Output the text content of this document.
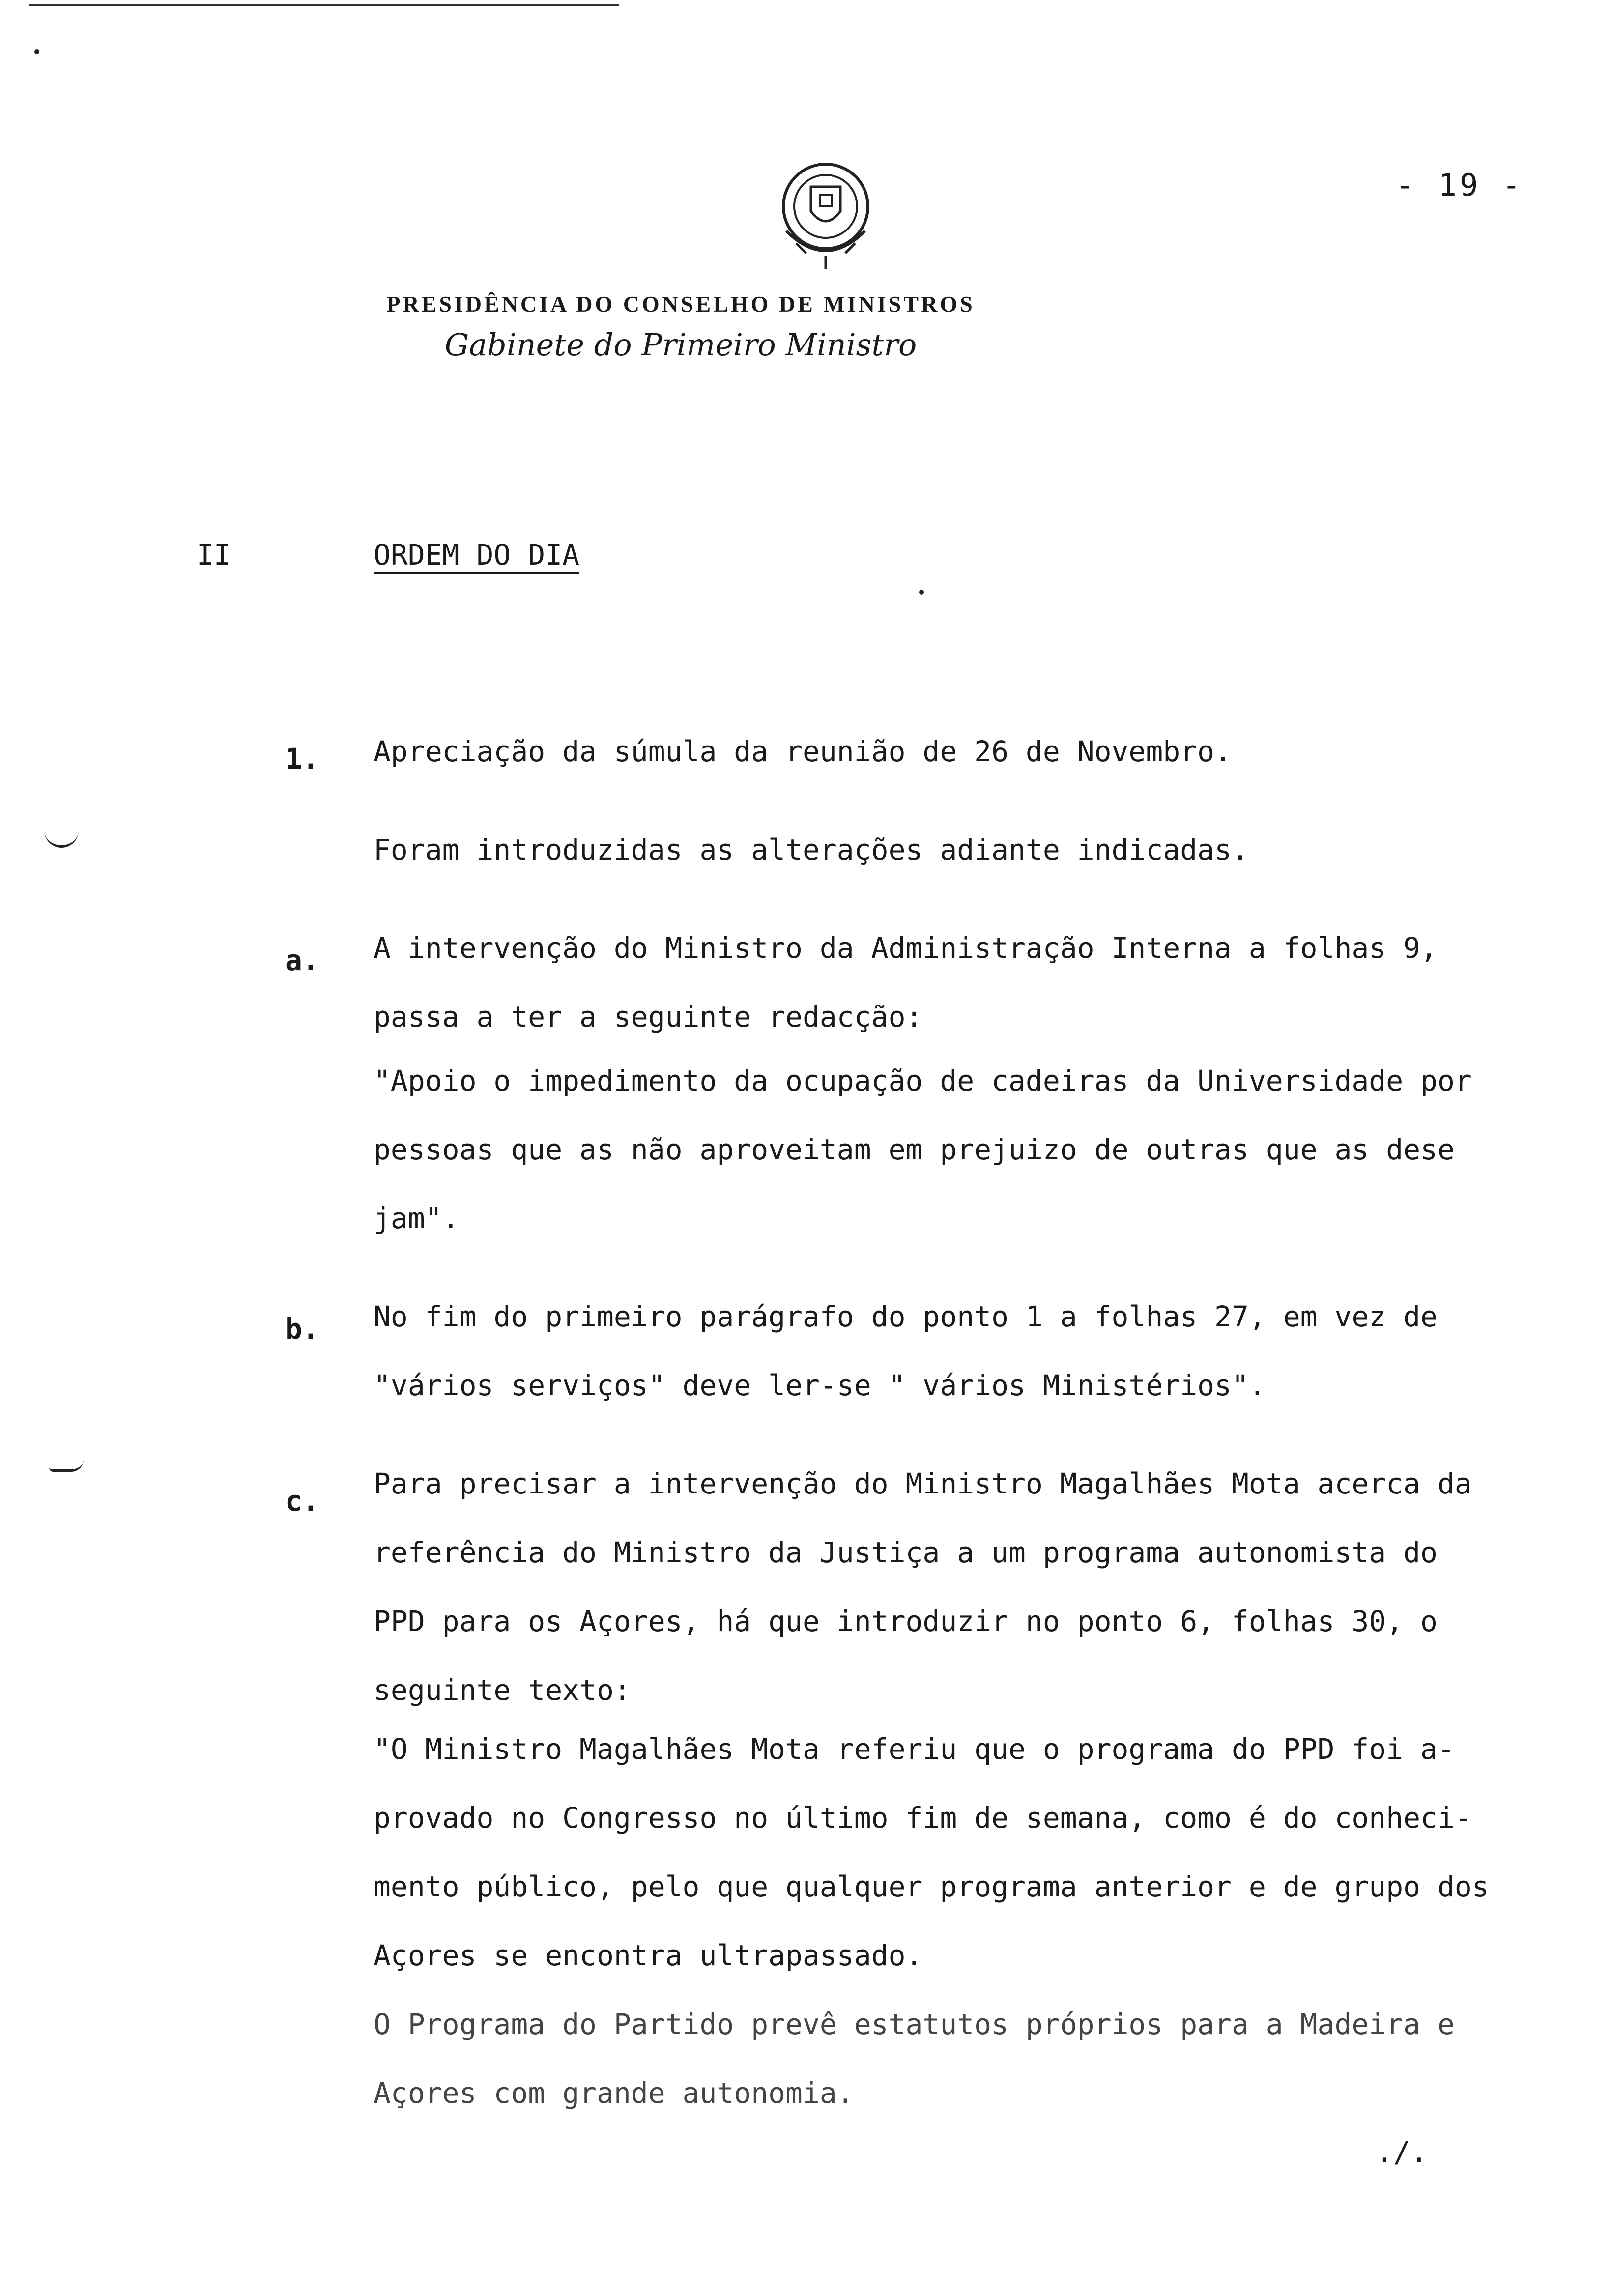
- 19 -
PRESIDÊNCIA DO CONSELHO DE MINISTROS
Gabinete do Primeiro Ministro
II	ORDEM DO DIA
1. Apreciação da súmula da reunião de 26 de Novembro.
Foram introduzidas as alterações adiante indicadas.
a. A intervenção do Ministro da Administração Interna a folhas 9,
passa a ter a seguinte redacção:
"Apoio o impedimento da ocupação de cadeiras da Universidade por
pessoas que as não aproveitam em prejuizo de outras que as dese
jam".
b. No fim do primeiro parágrafo do ponto 1 a folhas 27, em vez de
"vários serviços" deve ler-se " vários Ministérios".
c.
Para precisar a intervenção do Ministro Magalhães Mota acerca da
referência do Ministro da Justiça a um programa autonomista do
PPD para os Açores, há que introduzir no ponto 6, folhas 30, o
seguinte texto:
"O Ministro Magalhães Mota referiu que o programa do PPD foi a-
provado no Congresso no último fim de semana, como é do conheci-
mento público, pelo que qualquer programa anterior e de grupo dos
Açores se encontra ultrapassado.
O Programa do Partido prevê estatutos próprios para a Madeira e
Açores com grande autonomia.
./.
